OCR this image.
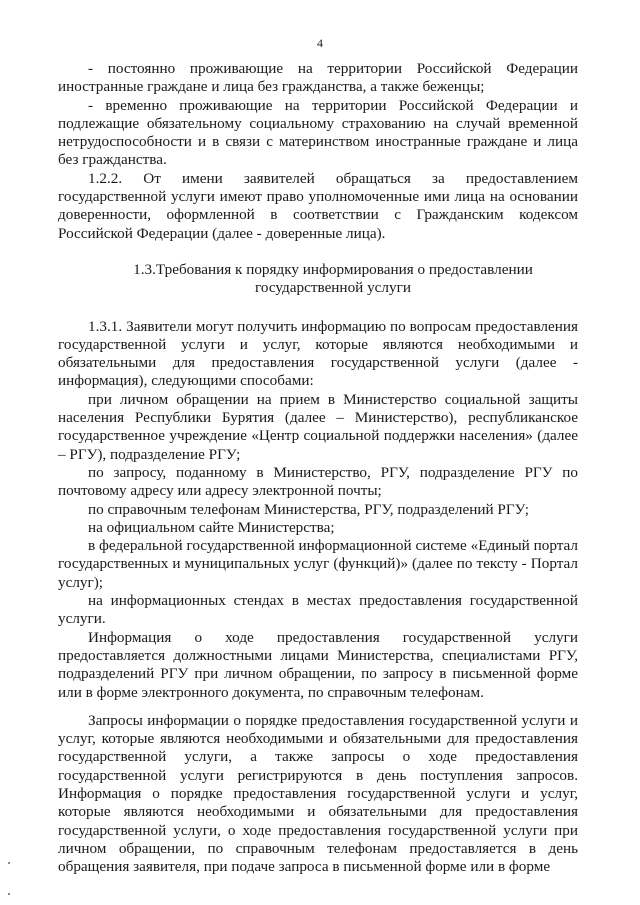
4

- постоянно проживающие на территории Российской Федерации иностранные граждане и лица без гражданства, а также беженцы;

- временно проживающие на территории Российской Федерации и подлежащие обязательному социальному страхованию на случай временной нетрудоспособности и в связи с материнством иностранные граждане и лица без гражданства.

1.2.2. От имени заявителей обращаться за предоставлением государственной услуги имеют право уполномоченные ими лица на основании доверенности, оформленной в соответствии с Гражданским кодексом Российской Федерации (далее - доверенные лица).

1.3.Требования к порядку информирования о предоставлении
государственной услуги

1.3.1. Заявители могут получить информацию по вопросам предоставления государственной услуги и услуг, которые являются необходимыми и обязательными для предоставления государственной услуги (далее - информация), следующими способами:

при личном обращении на прием в Министерство социальной защиты населения Республики Бурятия (далее – Министерство), республиканское государственное учреждение «Центр социальной поддержки населения» (далее – РГУ), подразделение РГУ;

по запросу, поданному в Министерство, РГУ, подразделение РГУ по почтовому адресу или адресу электронной почты;

по справочным телефонам Министерства, РГУ, подразделений РГУ;

на официальном сайте Министерства;

в федеральной государственной информационной системе «Единый портал государственных и муниципальных услуг (функций)» (далее по тексту - Портал услуг);

на информационных стендах в местах предоставления государственной услуги.

Информация о ходе предоставления государственной услуги предоставляется должностными лицами Министерства, специалистами РГУ, подразделений РГУ при личном обращении, по запросу в письменной форме или в форме электронного документа, по справочным телефонам.

Запросы информации о порядке предоставления государственной услуги и услуг, которые являются необходимыми и обязательными для предоставления государственной услуги, а также запросы о ходе предоставления государственной услуги регистрируются в день поступления запросов. Информация о порядке предоставления государственной услуги и услуг, которые являются необходимыми и обязательными для предоставления государственной услуги, о ходе предоставления государственной услуги при личном обращении, по справочным телефонам предоставляется в день обращения заявителя, при подаче запроса в письменной форме или в форме
